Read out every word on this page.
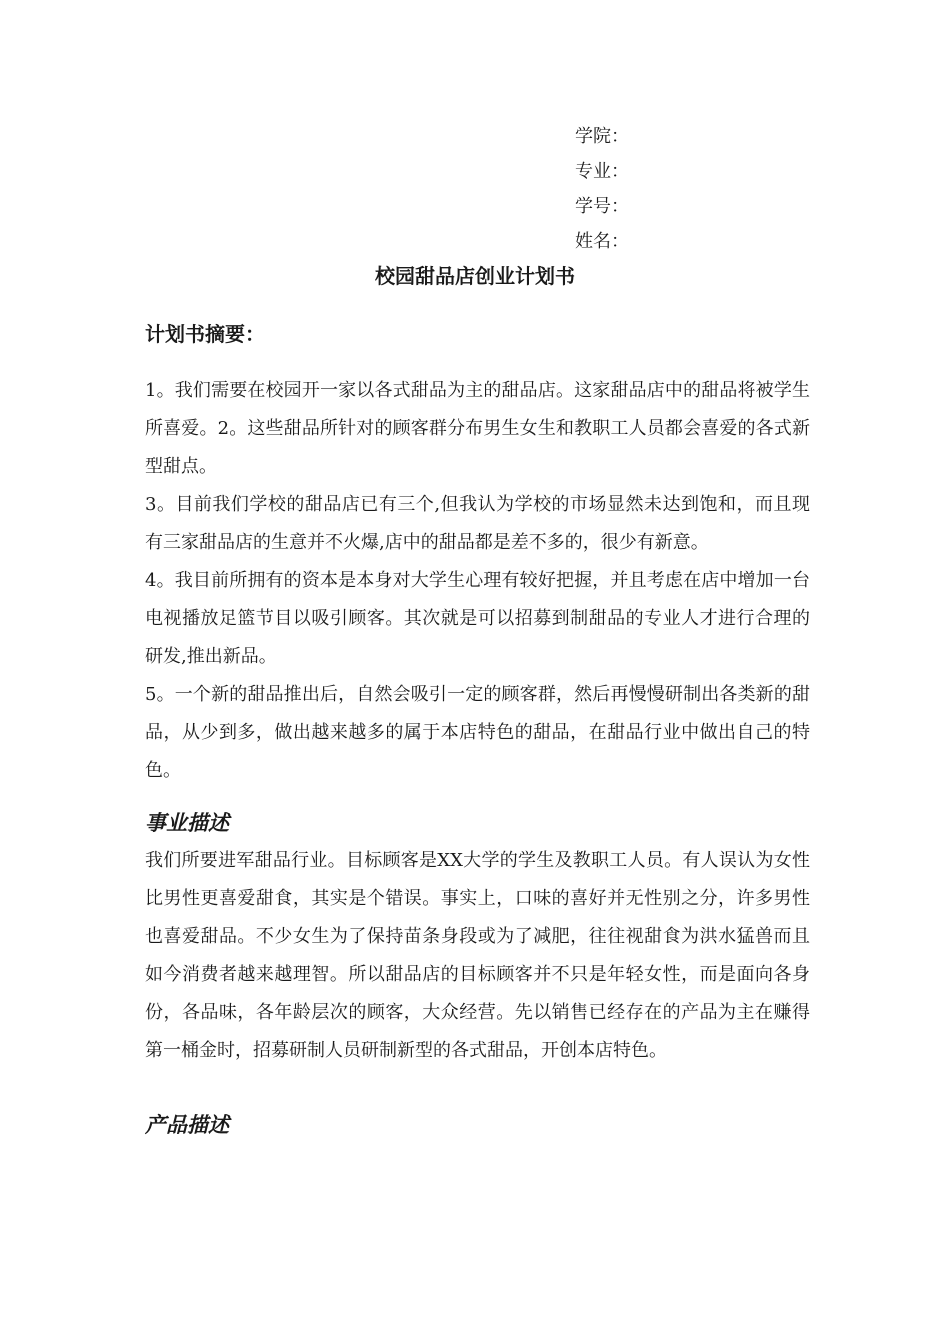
学院：
专业：
学号：
姓名：
校园甜品店创业计划书
计划书摘要：

1。我们需要在校园开一家以各式甜品为主的甜品店。这家甜品店中的甜品将被学生所喜爱。2。这些甜品所针对的顾客群分布男生女生和教职工人员都会喜爱的各式新型甜点。

3。目前我们学校的甜品店已有三个,但我认为学校的市场显然未达到饱和，而且现有三家甜品店的生意并不火爆,店中的甜品都是差不多的，很少有新意。

4。我目前所拥有的资本是本身对大学生心理有较好把握，并且考虑在店中增加一台电视播放足篮节目以吸引顾客。其次就是可以招募到制甜品的专业人才进行合理的研发,推出新品。

5。一个新的甜品推出后，自然会吸引一定的顾客群，然后再慢慢研制出各类新的甜品，从少到多，做出越来越多的属于本店特色的甜品，在甜品行业中做出自己的特色。

事业描述

我们所要进军甜品行业。目标顾客是XX大学的学生及教职工人员。有人误认为女性比男性更喜爱甜食，其实是个错误。事实上，口味的喜好并无性别之分，许多男性也喜爱甜品。不少女生为了保持苗条身段或为了减肥，往往视甜食为洪水猛兽而且如今消费者越来越理智。所以甜品店的目标顾客并不只是年轻女性，而是面向各身份，各品味，各年龄层次的顾客，大众经营。先以销售已经存在的产品为主在赚得第一桶金时，招募研制人员研制新型的各式甜品，开创本店特色。

产品描述
